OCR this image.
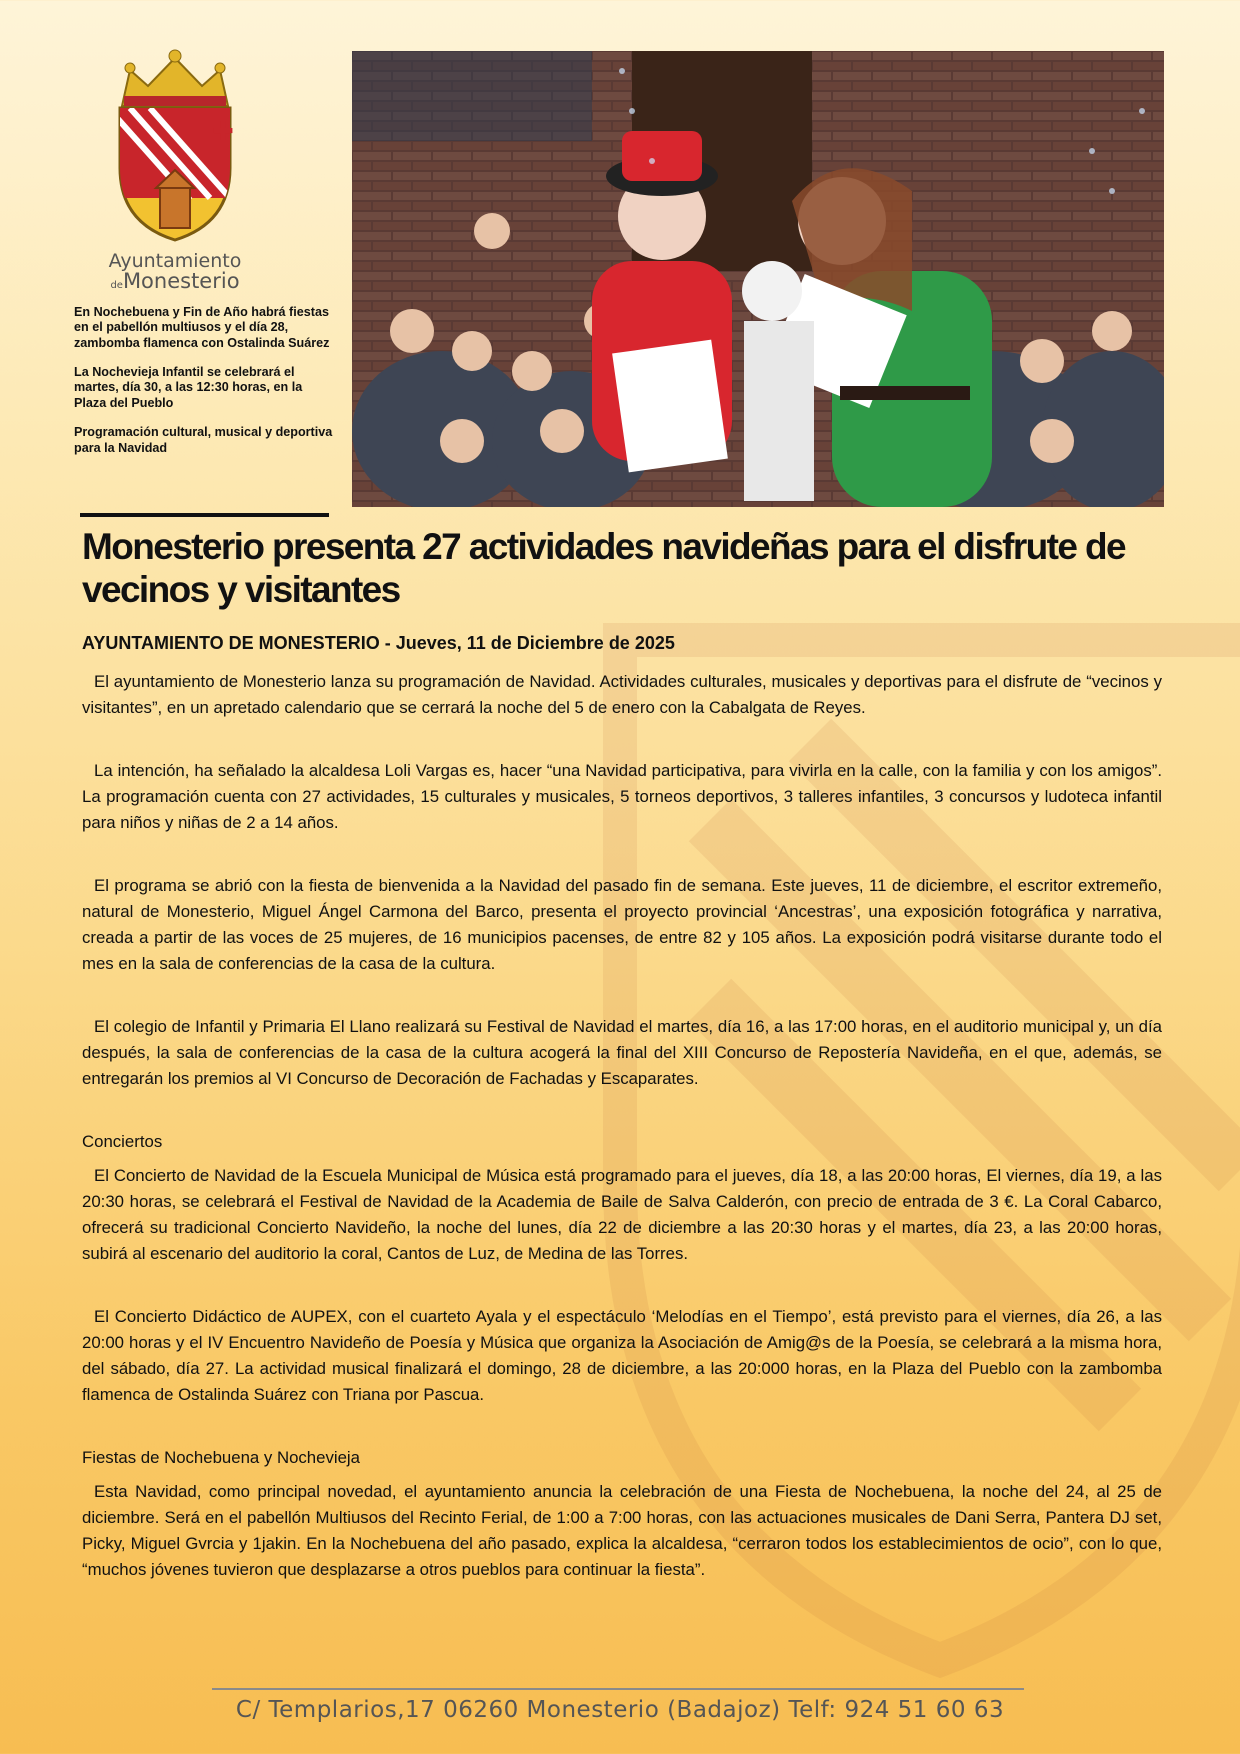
✚
Ayuntamiento
deMonesterio

En Nochebuena y Fin de Año habrá fiestas en el pabellón multiusos y el día 28, zambomba flamenca con Ostalinda Suárez

La Nochevieja Infantil se celebrará el martes, día 30, a las 12:30 horas, en la Plaza del Pueblo

Programación cultural, musical y deportiva para la Navidad

Monesterio presenta 27 actividades navideñas para el disfrute de vecinos y visitantes

AYUNTAMIENTO DE MONESTERIO - Jueves, 11 de Diciembre de 2025

El ayuntamiento de Monesterio lanza su programación de Navidad. Actividades culturales, musicales y deportivas para el disfrute de “vecinos y visitantes”, en un apretado calendario que se cerrará la noche del 5 de enero con la Cabalgata de Reyes.

La intención, ha señalado la alcaldesa Loli Vargas es, hacer “una Navidad participativa, para vivirla en la calle, con la familia y con los amigos”. La programación cuenta con 27 actividades, 15 culturales y musicales, 5 torneos deportivos, 3 talleres infantiles, 3 concursos y ludoteca infantil para niños y niñas de 2 a 14 años.

El programa se abrió con la fiesta de bienvenida a la Navidad del pasado fin de semana. Este jueves, 11 de diciembre, el escritor extremeño, natural de Monesterio, Miguel Ángel Carmona del Barco, presenta el proyecto provincial ‘Ancestras’, una exposición fotográfica y narrativa, creada a partir de las voces de 25 mujeres, de 16 municipios pacenses, de entre 82 y 105 años. La exposición podrá visitarse durante todo el mes en la sala de conferencias de la casa de la cultura.

El colegio de Infantil y Primaria El Llano realizará su Festival de Navidad el martes, día 16, a las 17:00 horas, en el auditorio municipal y, un día después, la sala de conferencias de la casa de la cultura acogerá la final del XIII Concurso de Repostería Navideña, en el que, además, se entregarán los premios al VI Concurso de Decoración de Fachadas y Escaparates.

Conciertos

El Concierto de Navidad de la Escuela Municipal de Música está programado para el jueves, día 18, a las 20:00 horas, El viernes, día 19, a las 20:30 horas, se celebrará el Festival de Navidad de la Academia de Baile de Salva Calderón, con precio de entrada de 3 €. La Coral Cabarco, ofrecerá su tradicional Concierto Navideño, la noche del lunes, día 22 de diciembre a las 20:30 horas y el martes, día 23, a las 20:00 horas, subirá al escenario del auditorio la coral, Cantos de Luz, de Medina de las Torres.

El Concierto Didáctico de AUPEX, con el cuarteto Ayala y el espectáculo ‘Melodías en el Tiempo’, está previsto para el viernes, día 26, a las 20:00 horas y el IV Encuentro Navideño de Poesía y Música que organiza la Asociación de Amig@s de la Poesía, se celebrará a la misma hora, del sábado, día 27. La actividad musical finalizará el domingo, 28 de diciembre, a las 20:000 horas, en la Plaza del Pueblo con la zambomba flamenca de Ostalinda Suárez con Triana por Pascua.

Fiestas de Nochebuena y Nochevieja

Esta Navidad, como principal novedad, el ayuntamiento anuncia la celebración de una Fiesta de Nochebuena, la noche del 24, al 25 de diciembre. Será en el pabellón Multiusos del Recinto Ferial, de 1:00 a 7:00 horas, con las actuaciones musicales de Dani Serra, Pantera DJ set, Picky, Miguel Gvrcia y 1jakin. En la Nochebuena del año pasado, explica la alcaldesa, “cerraron todos los establecimientos de ocio”, con lo que, “muchos jóvenes tuvieron que desplazarse a otros pueblos para continuar la fiesta”.

C/ Templarios,17 06260 Monesterio (Badajoz) Telf: 924 51 60 63
